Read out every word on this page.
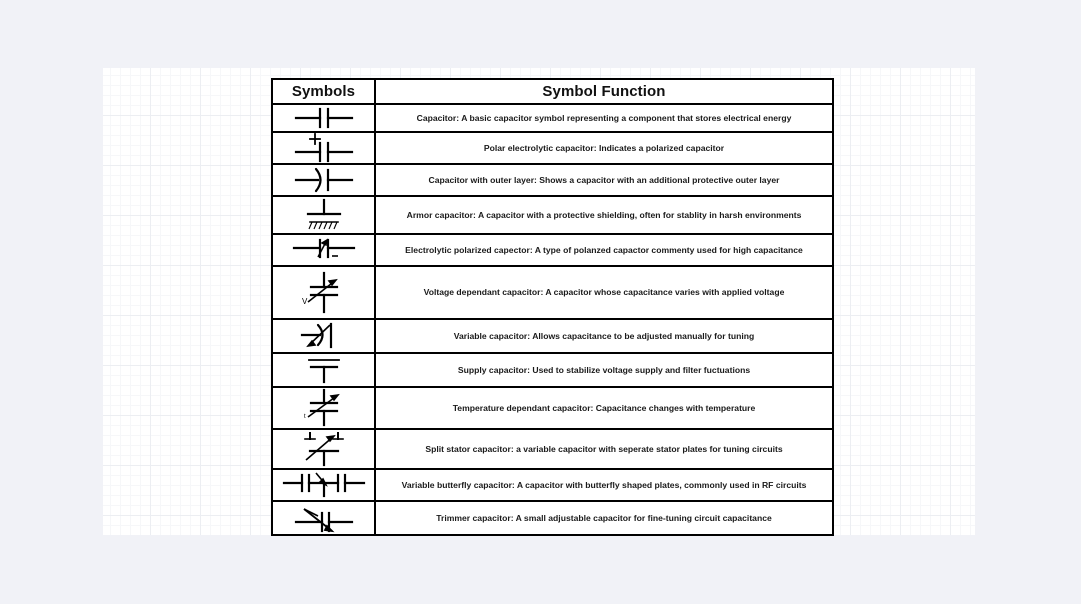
Symbols	Symbol Function

	Capacitor: A basic capacitor symbol representing a component that stores electrical energy

	Polar electrolytic capacitor: Indicates a polarized capacitor

	Capacitor with outer layer: Shows a capacitor with an additional protective outer layer

	Armor capacitor: A capacitor with a protective shielding, often for stablity in harsh environments

	Electrolytic polarized capector: A type of polanzed capactor commenty used for high capacitance

V	Voltage dependant capacitor: A capacitor whose capacitance varies with applied voltage

	Variable capacitor: Allows capacitance to be adjusted manually for tuning

	Supply capacitor: Used to stabilize voltage supply and filter fuctuations

t	Temperature dependant capacitor: Capacitance changes with temperature

	Split stator capacitor: a variable capacitor with seperate stator plates for tuning circuits

	Variable butterfly capacitor: A capacitor with butterfly shaped plates, commonly used in RF circuits

	Trimmer capacitor: A small adjustable capacitor for fine-tuning circuit capacitance
